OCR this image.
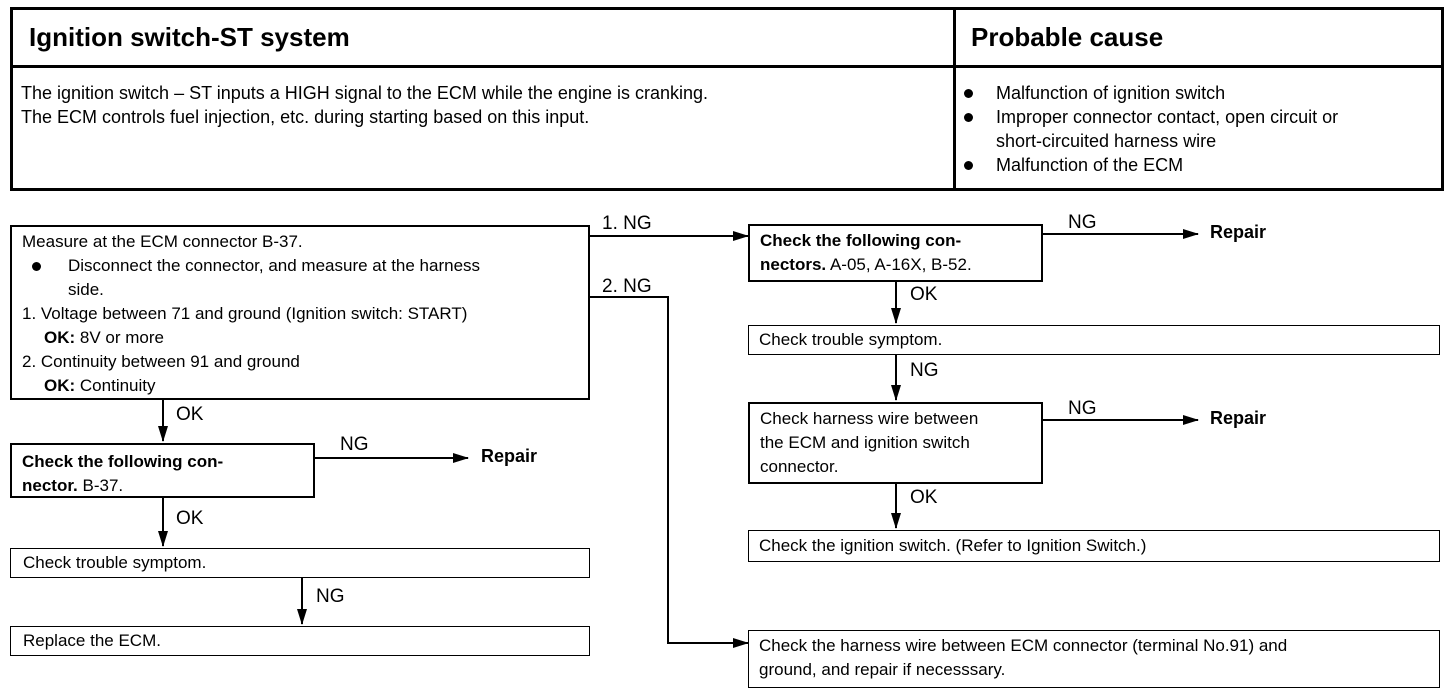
Ignition switch-ST system	Probable cause
The ignition switch – ST inputs a HIGH signal to the ECM while the engine is cranking.
The ECM controls fuel injection, etc. during starting based on this input.
Malfunction of ignition switch
Improper connector contact, open circuit or
short-circuited harness wire
Malfunction of the ECM
Measure at the ECM connector B-37.
Disconnect the connector, and measure at the harness
side.
1. Voltage between 71 and ground (Ignition switch: START)
OK: 8V or more
2. Continuity between 91 and ground
OK: Continuity
Check the following con-
nector. B-37.
Check trouble symptom.
Replace the ECM.
Check the following con-
nectors. A-05, A-16X, B-52.
Check trouble symptom.
Check harness wire between
the ECM and ignition switch
connector.
Check the ignition switch. (Refer to Ignition Switch.)
Check the harness wire between ECM connector (terminal No.91) and
ground, and repair if necesssary.
1. NG
2. NG
OK
NG
OK
NG
NG
OK
NG
NG
OK
Repair
Repair
Repair
